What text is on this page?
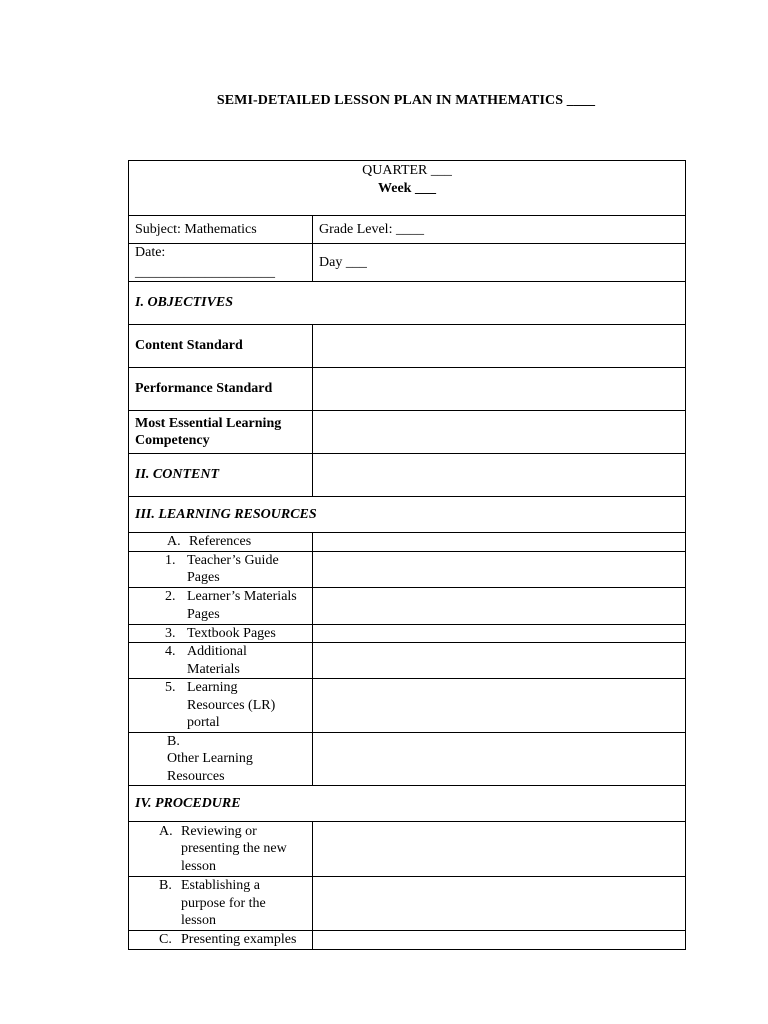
SEMI-DETAILED LESSON PLAN IN MATHEMATICS ____
QUARTER ___
Week ___	

Subject: Mathematics	Grade Level: ____
Date:
____________________	Day ___
I. OBJECTIVES	
Content Standard	
Performance Standard	
Most Essential Learning Competency	
II. CONTENT	
III. LEARNING RESOURCES	
A. References	
1. Teacher’s Guide Pages	
2. Learner’s Materials Pages	
3. Textbook Pages	
4. Additional Materials	
5. Learning Resources (LR) portal	
B.Other Learning Resources	
IV. PROCEDURE	
A. Reviewing or presenting the new lesson	
B. Establishing a purpose for the lesson	
C. Presenting examples	
